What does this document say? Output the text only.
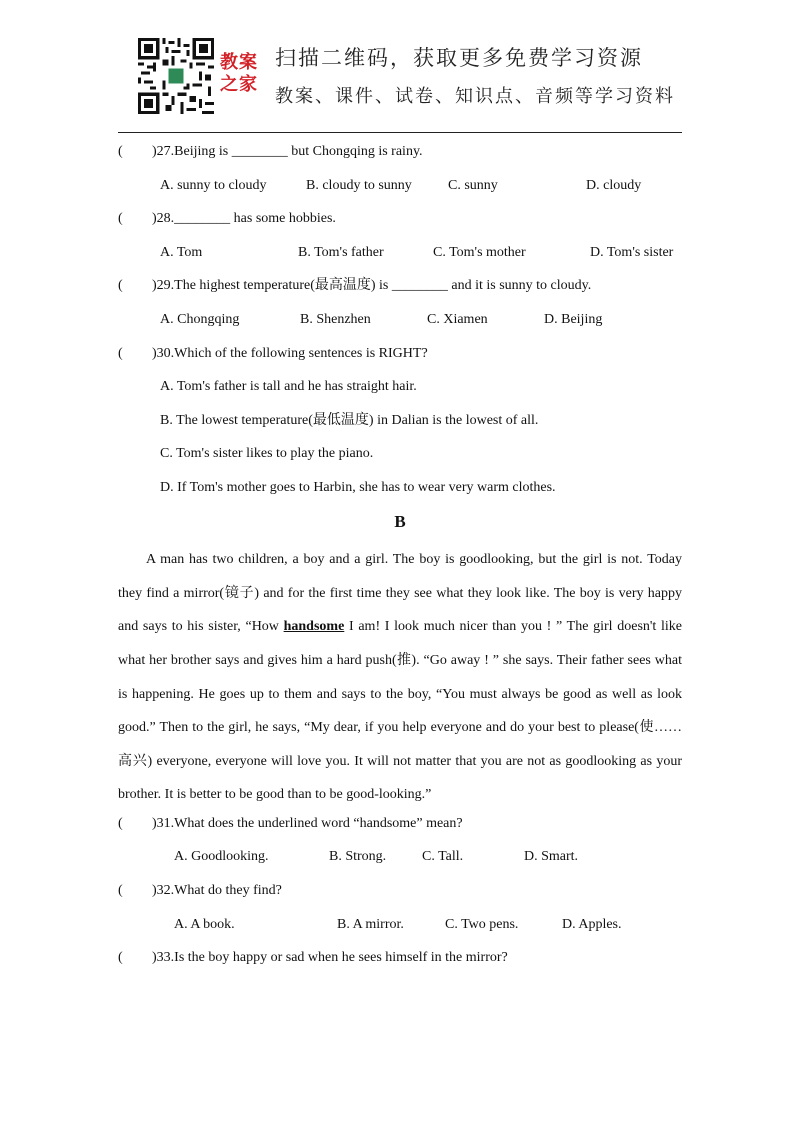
教案
之家
扫描二维码，获取更多免费学习资源
教案、课件、试卷、知识点、音频等学习资料
( )27.Beijing is ________ but Chongqing is rainy.
A. sunny to cloudy	B. cloudy to sunny	C. sunny	D. cloudy
( )28.________ has some hobbies.
A. Tom	B. Tom's father	C. Tom's mother	D. Tom's sister
( )29.The highest temperature(最高温度) is ________ and it is sunny to cloudy.
A. Chongqing	B. Shenzhen	C. Xiamen	D. Beijing
( )30.Which of the following sentences is RIGHT?
A. Tom's father is tall and he has straight hair.
B. The lowest temperature(最低温度) in Dalian is the lowest of all.
C. Tom's sister likes to play the piano.
D. If Tom's mother goes to Harbin, she has to wear very warm clothes.
B
A man has two children, a boy and a girl. The boy is goodlooking, but the girl is not. Today they find a mirror(镜子) and for the first time they see what they look like. The boy is very happy and says to his sister, “How handsome I am! I look much nicer than you ! ” The girl doesn't like what her brother says and gives him a hard push(推). “Go away ! ” she says. Their father sees what is happening. He goes up to them and says to the boy, “You must always be good as well as look good.” Then to the girl, he says, “My dear, if you help everyone and do your best to please(使……高兴) everyone, everyone will love you. It will not matter that you are not as goodlooking as your brother. It is better to be good than to be good-looking.”
( )31.What does the underlined word “handsome” mean?
A. Goodlooking.	B. Strong.	C. Tall.	D. Smart.
( )32.What do they find?
A. A book.	B. A mirror.	C. Two pens.	D. Apples.
( )33.Is the boy happy or sad when he sees himself in the mirror?
